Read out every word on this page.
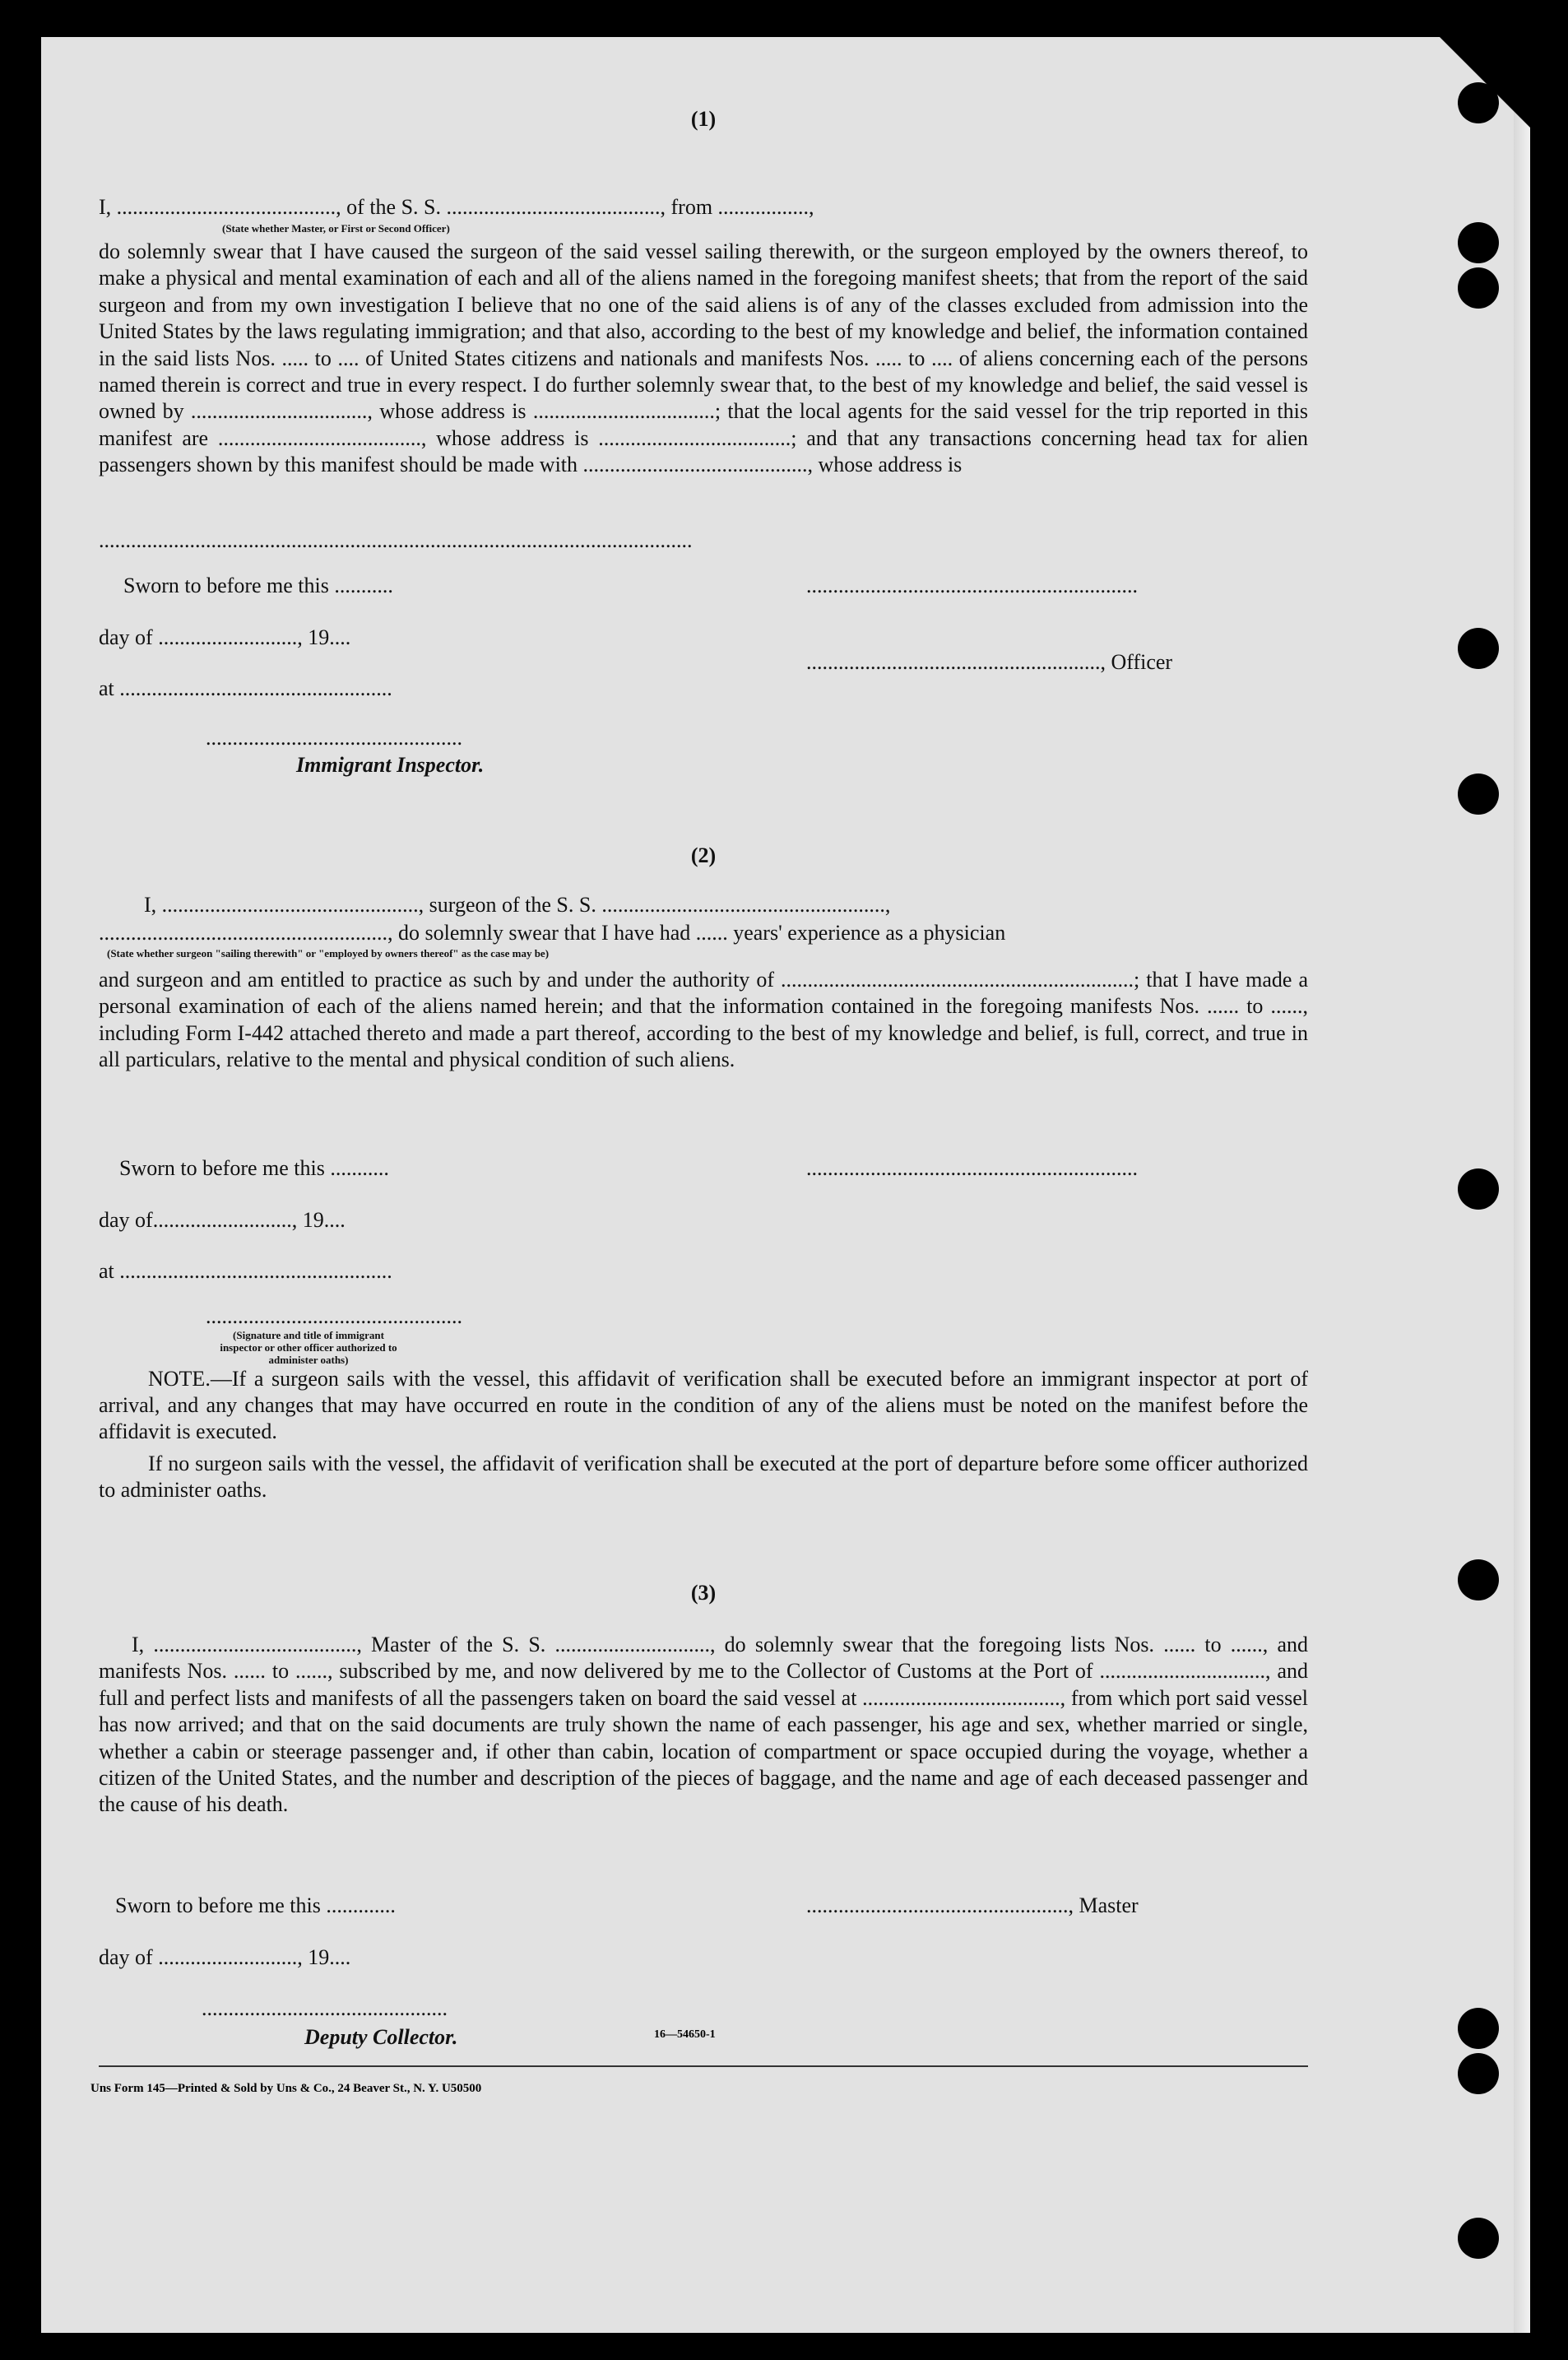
(1)
I, ........................................., of the S. S. ........................................, from .................,
(State whether Master, or First or Second Officer)

do solemnly swear that I have caused the surgeon of the said vessel sailing therewith, or the surgeon employed by the owners thereof, to make a physical and mental examination of each and all of the aliens named in the foregoing manifest sheets; that from the report of the said surgeon and from my own investigation I believe that no one of the said aliens is of any of the classes excluded from admission into the United States by the laws regulating immigration; and that also, according to the best of my knowledge and belief, the information contained in the said lists Nos. ..... to .... of United States citizens and nationals and manifests Nos. ..... to .... of aliens concerning each of the persons named therein is correct and true in every respect. I do further solemnly swear that, to the best of my knowledge and belief, the said vessel is owned by ................................., whose address is ..................................; that the local agents for the said vessel for the trip reported in this manifest are ......................................, whose address is ....................................; and that any transactions concerning head tax for alien passengers shown by this manifest should be made with .........................................., whose address is

...............................................................................................................
Sworn to before me this ...........	..............................................................
day of .........................., 19....
......................................................., Officer
at ...................................................
................................................
Immigrant Inspector.
(2)
I, ................................................, surgeon of the S. S. .....................................................,
......................................................, do solemnly swear that I have had ...... years' experience as a physician
(State whether surgeon "sailing therewith" or "employed by owners thereof" as the case may be)

and surgeon and am entitled to practice as such by and under the authority of ..................................................................; that I have made a personal examination of each of the aliens named herein; and that the information contained in the foregoing manifests Nos. ...... to ......, including Form I-442 attached thereto and made a part thereof, according to the best of my knowledge and belief, is full, correct, and true in all particulars, relative to the mental and physical condition of such aliens.

Sworn to before me this ...........	..............................................................
day of.........................., 19....
at ...................................................
................................................
(Signature and title of immigrant inspector or other officer authorized to administer oaths)

NOTE.—If a surgeon sails with the vessel, this affidavit of verification shall be executed before an immigrant inspector at port of arrival, and any changes that may have occurred en route in the condition of any of the aliens must be noted on the manifest before the affidavit is executed.

If no surgeon sails with the vessel, the affidavit of verification shall be executed at the port of departure before some officer authorized to administer oaths.

(3)

I, ......................................, Master of the S. S. ............................., do solemnly swear that the foregoing lists Nos. ...... to ......, and manifests Nos. ...... to ......, subscribed by me, and now delivered by me to the Collector of Customs at the Port of ..............................., and full and perfect lists and manifests of all the passengers taken on board the said vessel at ....................................., from which port said vessel has now arrived; and that on the said documents are truly shown the name of each passenger, his age and sex, whether married or single, whether a cabin or steerage passenger and, if other than cabin, location of compartment or space occupied during the voyage, whether a citizen of the United States, and the number and description of the pieces of baggage, and the name and age of each deceased passenger and the cause of his death.

Sworn to before me this .............	................................................., Master
day of .........................., 19....
..............................................
Deputy Collector.	16—54650-1
Uns Form 145—Printed & Sold by Uns & Co., 24 Beaver St., N. Y. U50500
